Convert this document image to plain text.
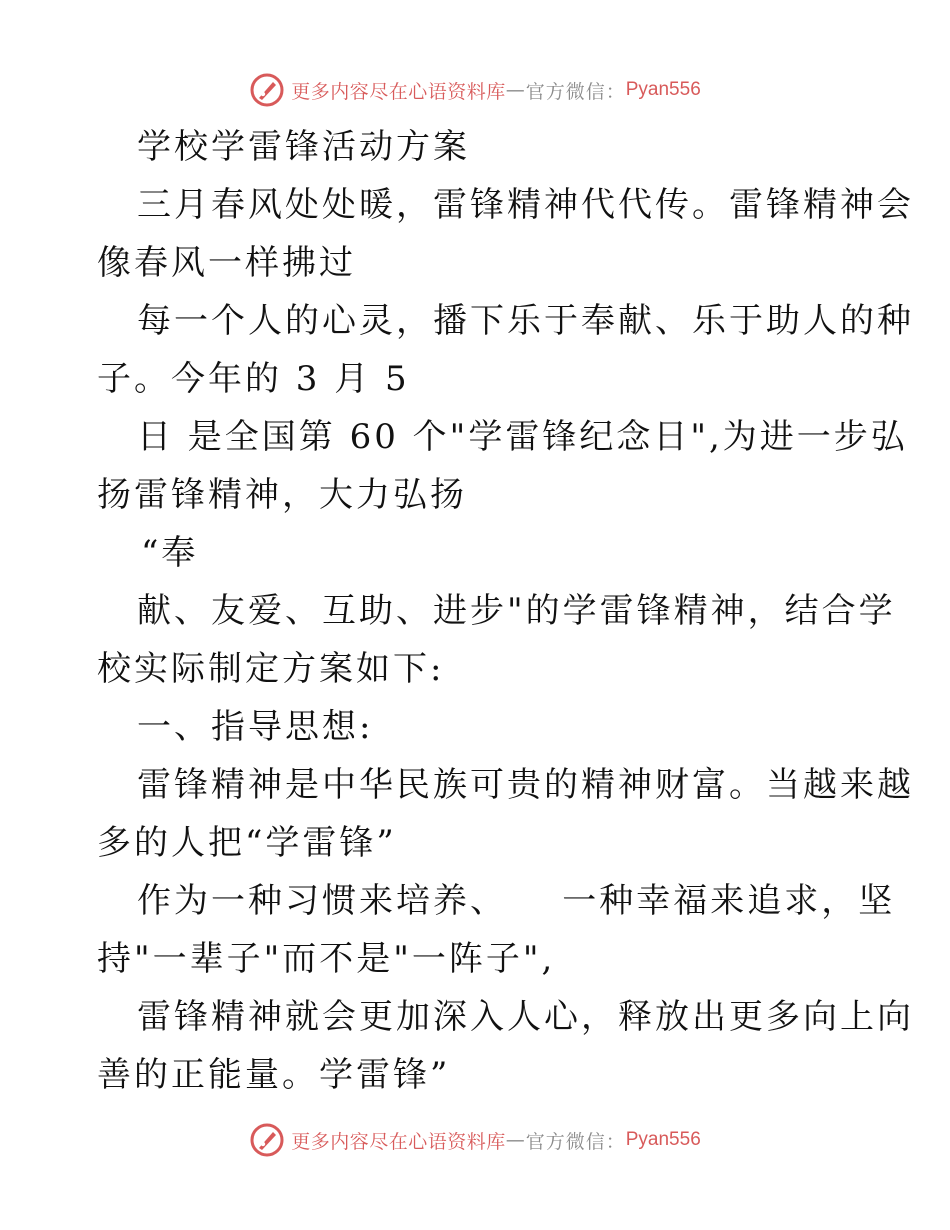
更多内容尽在心语资料库 — 官方微信： Pyan556
学校学雷锋活动方案
三月春风处处暖，雷锋精神代代传。雷锋精神会
像春风一样拂过
每一个人的心灵，播下乐于奉献、乐于助人的种
子。今年的 3 月 5
日 是全国第 60 个"学雷锋纪念日",为进一步弘
扬雷锋精神，大力弘扬
“奉
献、友爱、互助、进步"的学雷锋精神，结合学
校实际制定方案如下:
一、指导思想:
雷锋精神是中华民族可贵的精神财富。当越来越
多的人把“学雷锋”
作为一种习惯来培养、    一种幸福来追求，坚
持"一辈子"而不是"一阵子",
雷锋精神就会更加深入人心，释放出更多向上向
善的正能量。学雷锋”
更多内容尽在心语资料库 — 官方微信： Pyan556
